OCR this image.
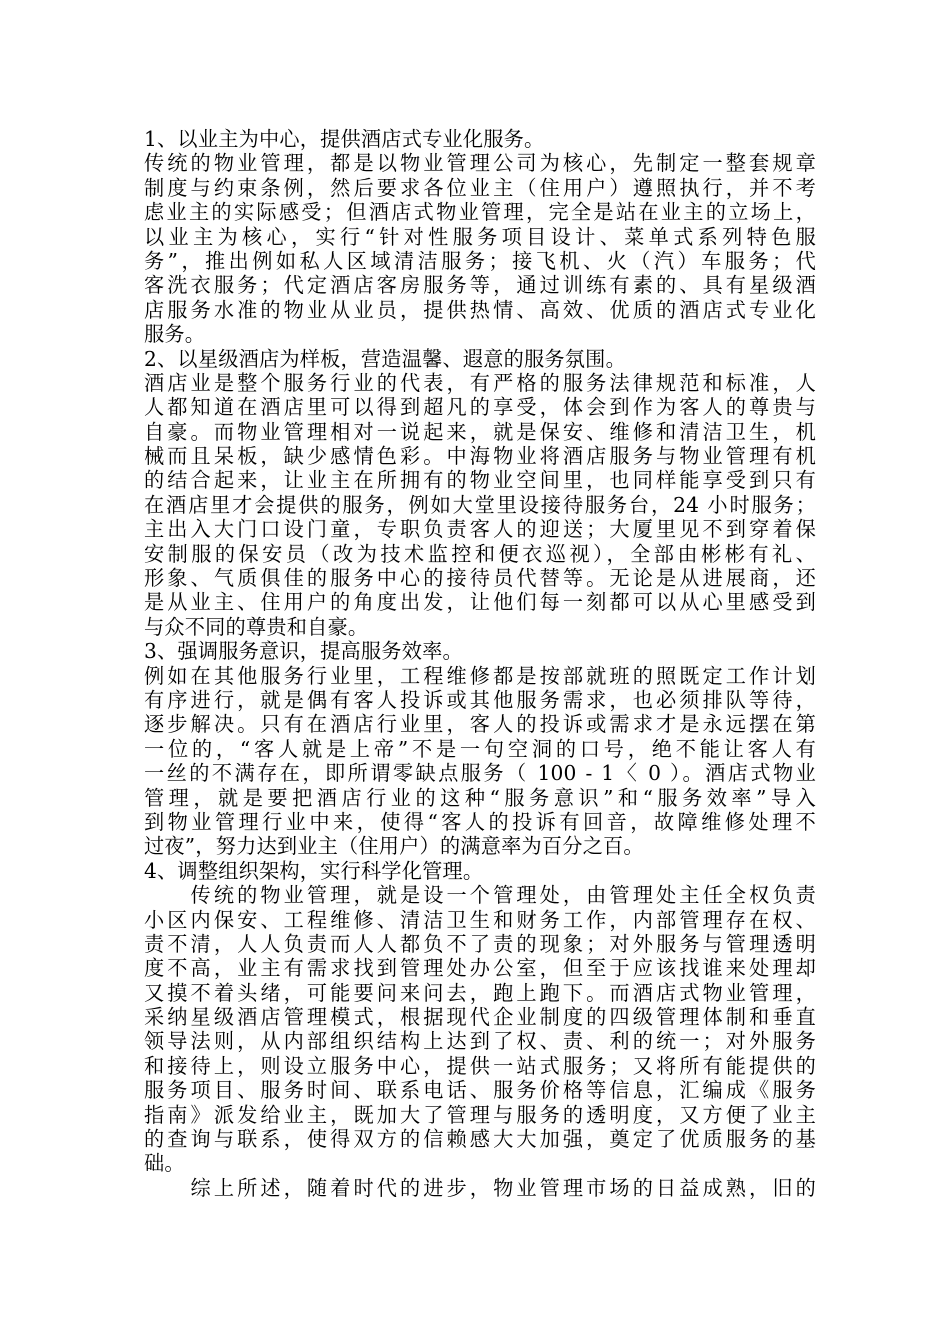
1、以业主为中心，提供酒店式专业化服务。
传统的物业管理，都是以物业管理公司为核心，先制定一整套规章
制度与约束条例，然后要求各位业主（住用户）遵照执行，并不考
虑业主的实际感受；但酒店式物业管理，完全是站在业主的立场上，
以业主为核心，实行“针对性服务项目设计、菜单式系列特色服
务”，推出例如私人区域清洁服务；接飞机、火（汽）车服务；代
客洗衣服务；代定酒店客房服务等，通过训练有素的、具有星级酒
店服务水准的物业从业员，提供热情、高效、优质的酒店式专业化
服务。
2、以星级酒店为样板，营造温馨、遐意的服务氛围。
酒店业是整个服务行业的代表，有严格的服务法律规范和标准，人
人都知道在酒店里可以得到超凡的享受，体会到作为客人的尊贵与
自豪。而物业管理相对一说起来，就是保安、维修和清洁卫生，机
械而且呆板，缺少感情色彩。中海物业将酒店服务与物业管理有机
的结合起来，让业主在所拥有的物业空间里，也同样能享受到只有
在酒店里才会提供的服务，例如大堂里设接待服务台，24 小时服务；
主出入大门口设门童，专职负责客人的迎送；大厦里见不到穿着保
安制服的保安员（改为技术监控和便衣巡视），全部由彬彬有礼、
形象、气质俱佳的服务中心的接待员代替等。无论是从进展商，还
是从业主、住用户的角度出发，让他们每一刻都可以从心里感受到
与众不同的尊贵和自豪。
3、强调服务意识，提高服务效率。
例如在其他服务行业里，工程维修都是按部就班的照既定工作计划
有序进行，就是偶有客人投诉或其他服务需求，也必须排队等待，
逐步解决。只有在酒店行业里，客人的投诉或需求才是永远摆在第
一位的，“客人就是上帝”不是一句空洞的口号，绝不能让客人有
一丝的不满存在，即所谓零缺点服务（ 100 - 1〈 0 ）。酒店式物业
管理，就是要把酒店行业的这种“服务意识”和“服务效率”导入
到物业管理行业中来，使得“客人的投诉有回音，故障维修处理不
过夜”，努力达到业主（住用户）的满意率为百分之百。
4、调整组织架构，实行科学化管理。
　　传统的物业管理，就是设一个管理处，由管理处主任全权负责
小区内保安、工程维修、清洁卫生和财务工作，内部管理存在权、
责不清，人人负责而人人都负不了责的现象；对外服务与管理透明
度不高，业主有需求找到管理处办公室，但至于应该找谁来处理却
又摸不着头绪，可能要问来问去，跑上跑下。而酒店式物业管理，
采纳星级酒店管理模式，根据现代企业制度的四级管理体制和垂直
领导法则，从内部组织结构上达到了权、责、利的统一；对外服务
和接待上，则设立服务中心，提供一站式服务；又将所有能提供的
服务项目、服务时间、联系电话、服务价格等信息，汇编成《服务
指南》派发给业主，既加大了管理与服务的透明度，又方便了业主
的查询与联系，使得双方的信赖感大大加强，奠定了优质服务的基
础。
　　综上所述，随着时代的进步，物业管理市场的日益成熟，旧的
